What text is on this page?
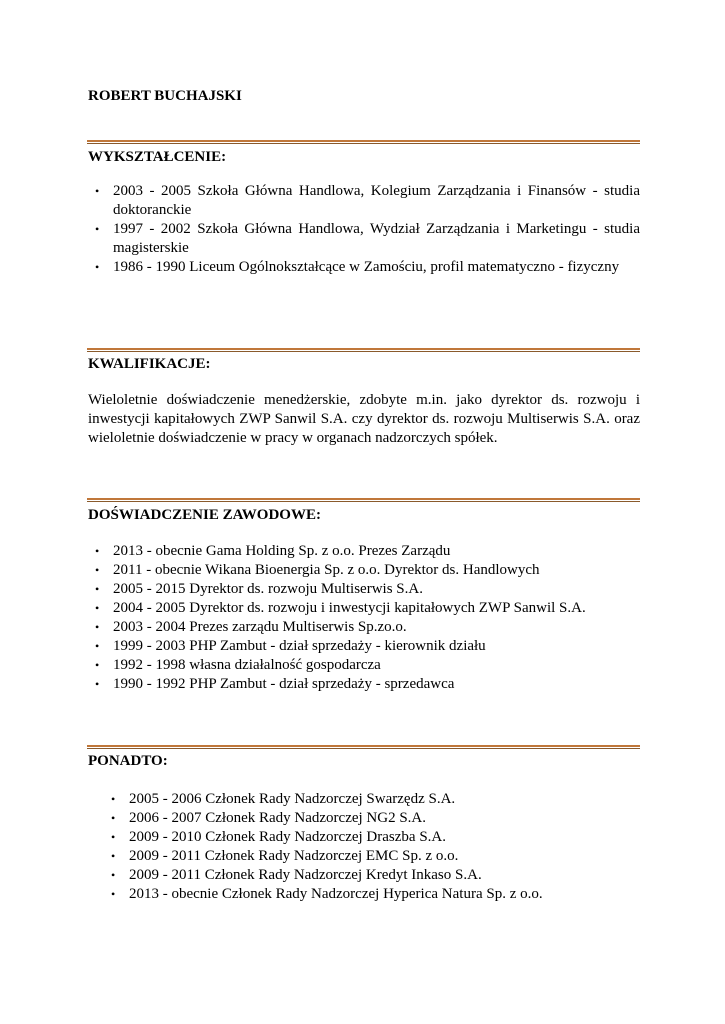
ROBERT BUCHAJSKI
WYKSZTAŁCENIE:
• 2003 - 2005 Szkoła Główna Handlowa, Kolegium Zarządzania i Finansów - studia doktoranckie
• 1997 - 2002 Szkoła Główna Handlowa, Wydział Zarządzania i Marketingu - studia magisterskie
• 1986 - 1990 Liceum Ogólnokształcące w Zamościu, profil matematyczno - fizyczny
KWALIFIKACJE:
Wieloletnie doświadczenie menedżerskie, zdobyte m.in. jako dyrektor ds. rozwoju i inwestycji kapitałowych ZWP Sanwil S.A. czy dyrektor ds. rozwoju Multiserwis S.A. oraz wieloletnie doświadczenie w pracy w organach nadzorczych spółek.
DOŚWIADCZENIE ZAWODOWE:
• 2013 - obecnie Gama Holding Sp. z o.o. Prezes Zarządu
• 2011 - obecnie Wikana Bioenergia Sp. z o.o. Dyrektor ds. Handlowych
• 2005 - 2015 Dyrektor ds. rozwoju Multiserwis S.A.
• 2004 - 2005 Dyrektor ds. rozwoju i inwestycji kapitałowych ZWP Sanwil S.A.
• 2003 - 2004 Prezes zarządu Multiserwis Sp.zo.o.
• 1999 - 2003 PHP Zambut - dział sprzedaży - kierownik działu
• 1992 - 1998 własna działalność gospodarcza
• 1990 - 1992 PHP Zambut - dział sprzedaży - sprzedawca
PONADTO:
• 2005 - 2006 Członek Rady Nadzorczej Swarzędz S.A.
• 2006 - 2007 Członek Rady Nadzorczej NG2 S.A.
• 2009 - 2010 Członek Rady Nadzorczej Draszba S.A.
• 2009 - 2011 Członek Rady Nadzorczej EMC Sp. z o.o.
• 2009 - 2011 Członek Rady Nadzorczej Kredyt Inkaso S.A.
• 2013 - obecnie Członek Rady Nadzorczej Hyperica Natura Sp. z o.o.
